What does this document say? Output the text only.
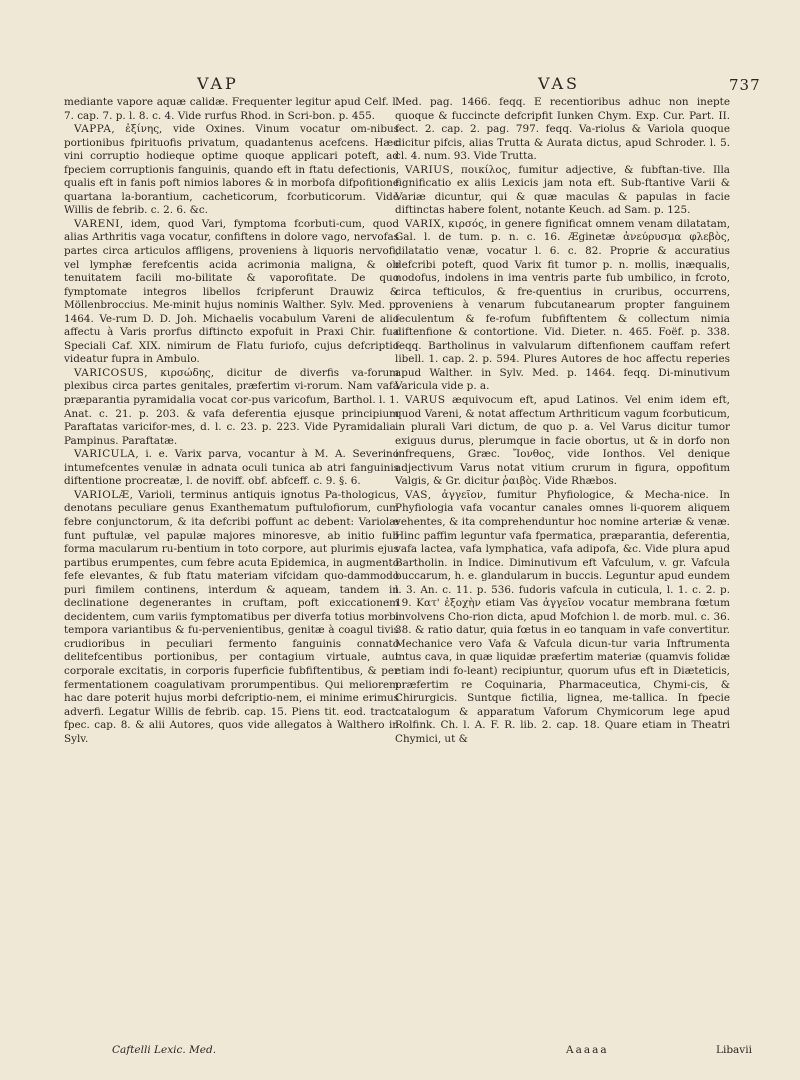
VAP	VAS	737

mediante vapore aquæ calidæ. Frequenter legitur apud Celf. l. 7. cap. 7. p. l. 8. c. 4. Vide rurfus Rhod. in Scri-bon. p. 455.

VAPPA, ἐξίνης, vide Oxines. Vinum vocatur om-nibus portionibus fpirituofis privatum, quadantenus acefcens. Hæc vini corruptio hodieque optime quoque applicari poteft, ad fpeciem corruptionis fanguinis, quando eft in ftatu defectionis, qualis eft in fanis poft nimios labores & in morbofa difpofitione quartana la-borantium, cacheticorum, fcorbuticorum. Vide Willis de febrib. c. 2. 6. &c.

VARENI, idem, quod Vari, fymptoma fcorbuti-cum, quod alias Arthritis vaga vocatur, confiftens in dolore vago, nervofas partes circa articulos affligens, proveniens à liquoris nervofi, vel lymphæ ferefcentis acida acrimonia maligna, & ob tenuitatem facili mo-bilitate & vaporofitate. De quo fymptomate integros libellos fcripferunt Drauwiz & Möllenbroccius. Me-minit hujus nominis Walther. Sylv. Med. p. 1464. Ve-rum D. D. Joh. Michaelis vocabulum Vareni de alio affectu à Varis prorfus diftincto expofuit in Praxi Chir. fua Speciali Caf. XIX. nimirum de Flatu furiofo, cujus defcriptio videatur fupra in Ambulo.

VARICOSUS, κιρσώδης, dicitur de diverfis va-forum plexibus circa partes genitales, præfertim vi-rorum. Nam vafa præparantia pyramidalia vocat cor-pus varicofum, Barthol. l. 1. Anat. c. 21. p. 203. & vafa deferentia ejusque principium Paraftatas varicifor-mes, d. l. c. 23. p. 223. Vide Pyramidalia. Pampinus. Paraftatæ.

VARICULA, i. e. Varix parva, vocantur à M. A. Severino intumefcentes venulæ in adnata oculi tunica ab atri fanguinis diftentione procreatæ, l. de noviff. obf. abfceff. c. 9. §. 6.

VARIOLÆ, Varioli, terminus antiquis ignotus Pa-thologicus, denotans peculiare genus Exanthematum puftulofiorum, cum febre conjunctorum, & ita defcribi poffunt ac debent: Variolæ funt puftulæ, vel papulæ majores minoresve, ab initio fub forma macularum ru-bentium in toto corpore, aut plurimis ejus partibus erumpentes, cum febre acuta Epidemica, in augmento fefe elevantes, & fub ftatu materiam vifcidam quo-dammodo puri fimilem continens, interdum & aqueam, tandem in declinatione degenerantes in cruftam, poft exiccationem decidentem, cum variis fymptomatibus per diverfa totius morbi tempora variantibus & fu-pervenientibus, genitæ à coagul tivis crudioribus in peculiari fermento fanguinis connato delitefcentibus portionibus, per contagium virtuale, aut corporale excitatis, in corporis fuperficie fubfiftentibus, & per fermentationem coagulativam prorumpentibus. Qui meliorem hac dare poterit hujus morbi defcriptio-nem, ei minime erimus adverfi. Legatur Willis de febrib. cap. 15. Piens tit. eod. tract. fpec. cap. 8. & alii Autores, quos vide allegatos à Walthero in Sylv.

Med. pag. 1466. feqq. E recentioribus adhuc non inepte quoque & fuccincte defcripfit Iunken Chym. Exp. Cur. Part. II. fect. 2. cap. 2. pag. 797. feqq. Va-riolus & Variola quoque dicitur pifcis, alias Trutta & Aurata dictus, apud Schroder. l. 5. cl. 4. num. 93. Vide Trutta.

VARIUS, ποικίλος, fumitur adjective, & fubftan-tive. Illa fignificatio ex aliis Lexicis jam nota eft. Sub-ftantive Varii & Variæ dicuntur, qui & quæ maculas & papulas in facie diftinctas habere folent, notante Keuch. ad Sam. p. 125.

VARIX, κιρσός, in genere fignificat omnem venam dilatatam, Gal. l. de tum. p. n. c. 16. Æginetæ ἀνεύρυσμα φλεβὸς, dilatatio venæ, vocatur l. 6. c. 82. Proprie & accuratius defcribi poteft, quod Varix fit tumor p. n. mollis, inæqualis, nodofus, indolens in ima ventris parte fub umbilico, in fcroto, circa tefticulos, & fre-quentius in cruribus, occurrens, proveniens à venarum fubcutanearum propter fanguinem feculentum & fe-rofum fubfiftentem & collectum nimia diftenfione & contortione. Vid. Dieter. n. 465. Foëf. p. 338. feqq. Bartholinus in valvularum diftenfionem cauffam refert libell. 1. cap. 2. p. 594. Plures Autores de hoc affectu reperies apud Walther. in Sylv. Med. p. 1464. feqq. Di-minutivum Varicula vide p. a.

VARUS æquivocum eft, apud Latinos. Vel enim idem eft, quod Vareni, & notat affectum Arthriticum vagum fcorbuticum, in plurali Vari dictum, de quo p. a. Vel Varus dicitur tumor exiguus durus, plerumque in facie obortus, ut & in dorfo non infrequens, Græc. Ἴονθος, vide Ionthos. Vel denique adjectivum Varus notat vitium crurum in figura, oppofitum Valgis, & Gr. dicitur ῥαιβὸς. Vide Rhæbos.

VAS, ἀγγεῖον, fumitur Phyfiologice, & Mecha-nice. In Phyfiologia vafa vocantur canales omnes li-quorem aliquem vehentes, & ita comprehenduntur hoc nomine arteriæ & venæ. Hinc paffim leguntur vafa fpermatica, præparantia, deferentia, vafa lactea, vafa lymphatica, vafa adipofa, &c. Vide plura apud Bartholin. in Indice. Diminutivum eft Vafculum, v. gr. Vafcula buccarum, h. e. glandularum in buccis. Leguntur apud eundem l. 3. An. c. 11. p. 536. fudoris vafcula in cuticula, l. 1. c. 2. p. 19. Κατ' ἐξοχὴν etiam Vas ἀγγεῖον vocatur membrana fœtum involvens Cho-rion dicta, apud Mofchion l. de morb. mul. c. 36. 38. & ratio datur, quia fœtus in eo tanquam in vafe convertitur. Mechanice vero Vafa & Vafcula dicun-tur varia Inftrumenta intus cava, in quæ liquidæ præfertim materiæ (quamvis folidæ etiam indi fo-leant) recipiuntur, quorum ufus eft in Diæteticis, præfertim re Coquinaria, Pharmaceutica, Chymi-cis, & Chirurgicis. Suntque fictilia, lignea, me-tallica. In fpecie catalogum & apparatum Vaforum Chymicorum lege apud Rolfink. Ch. l. A. F. R. lib. 2. cap. 18. Quare etiam in Theatri Chymici, ut &

Caftelli Lexic. Med.	Aaaaa	Libavii
